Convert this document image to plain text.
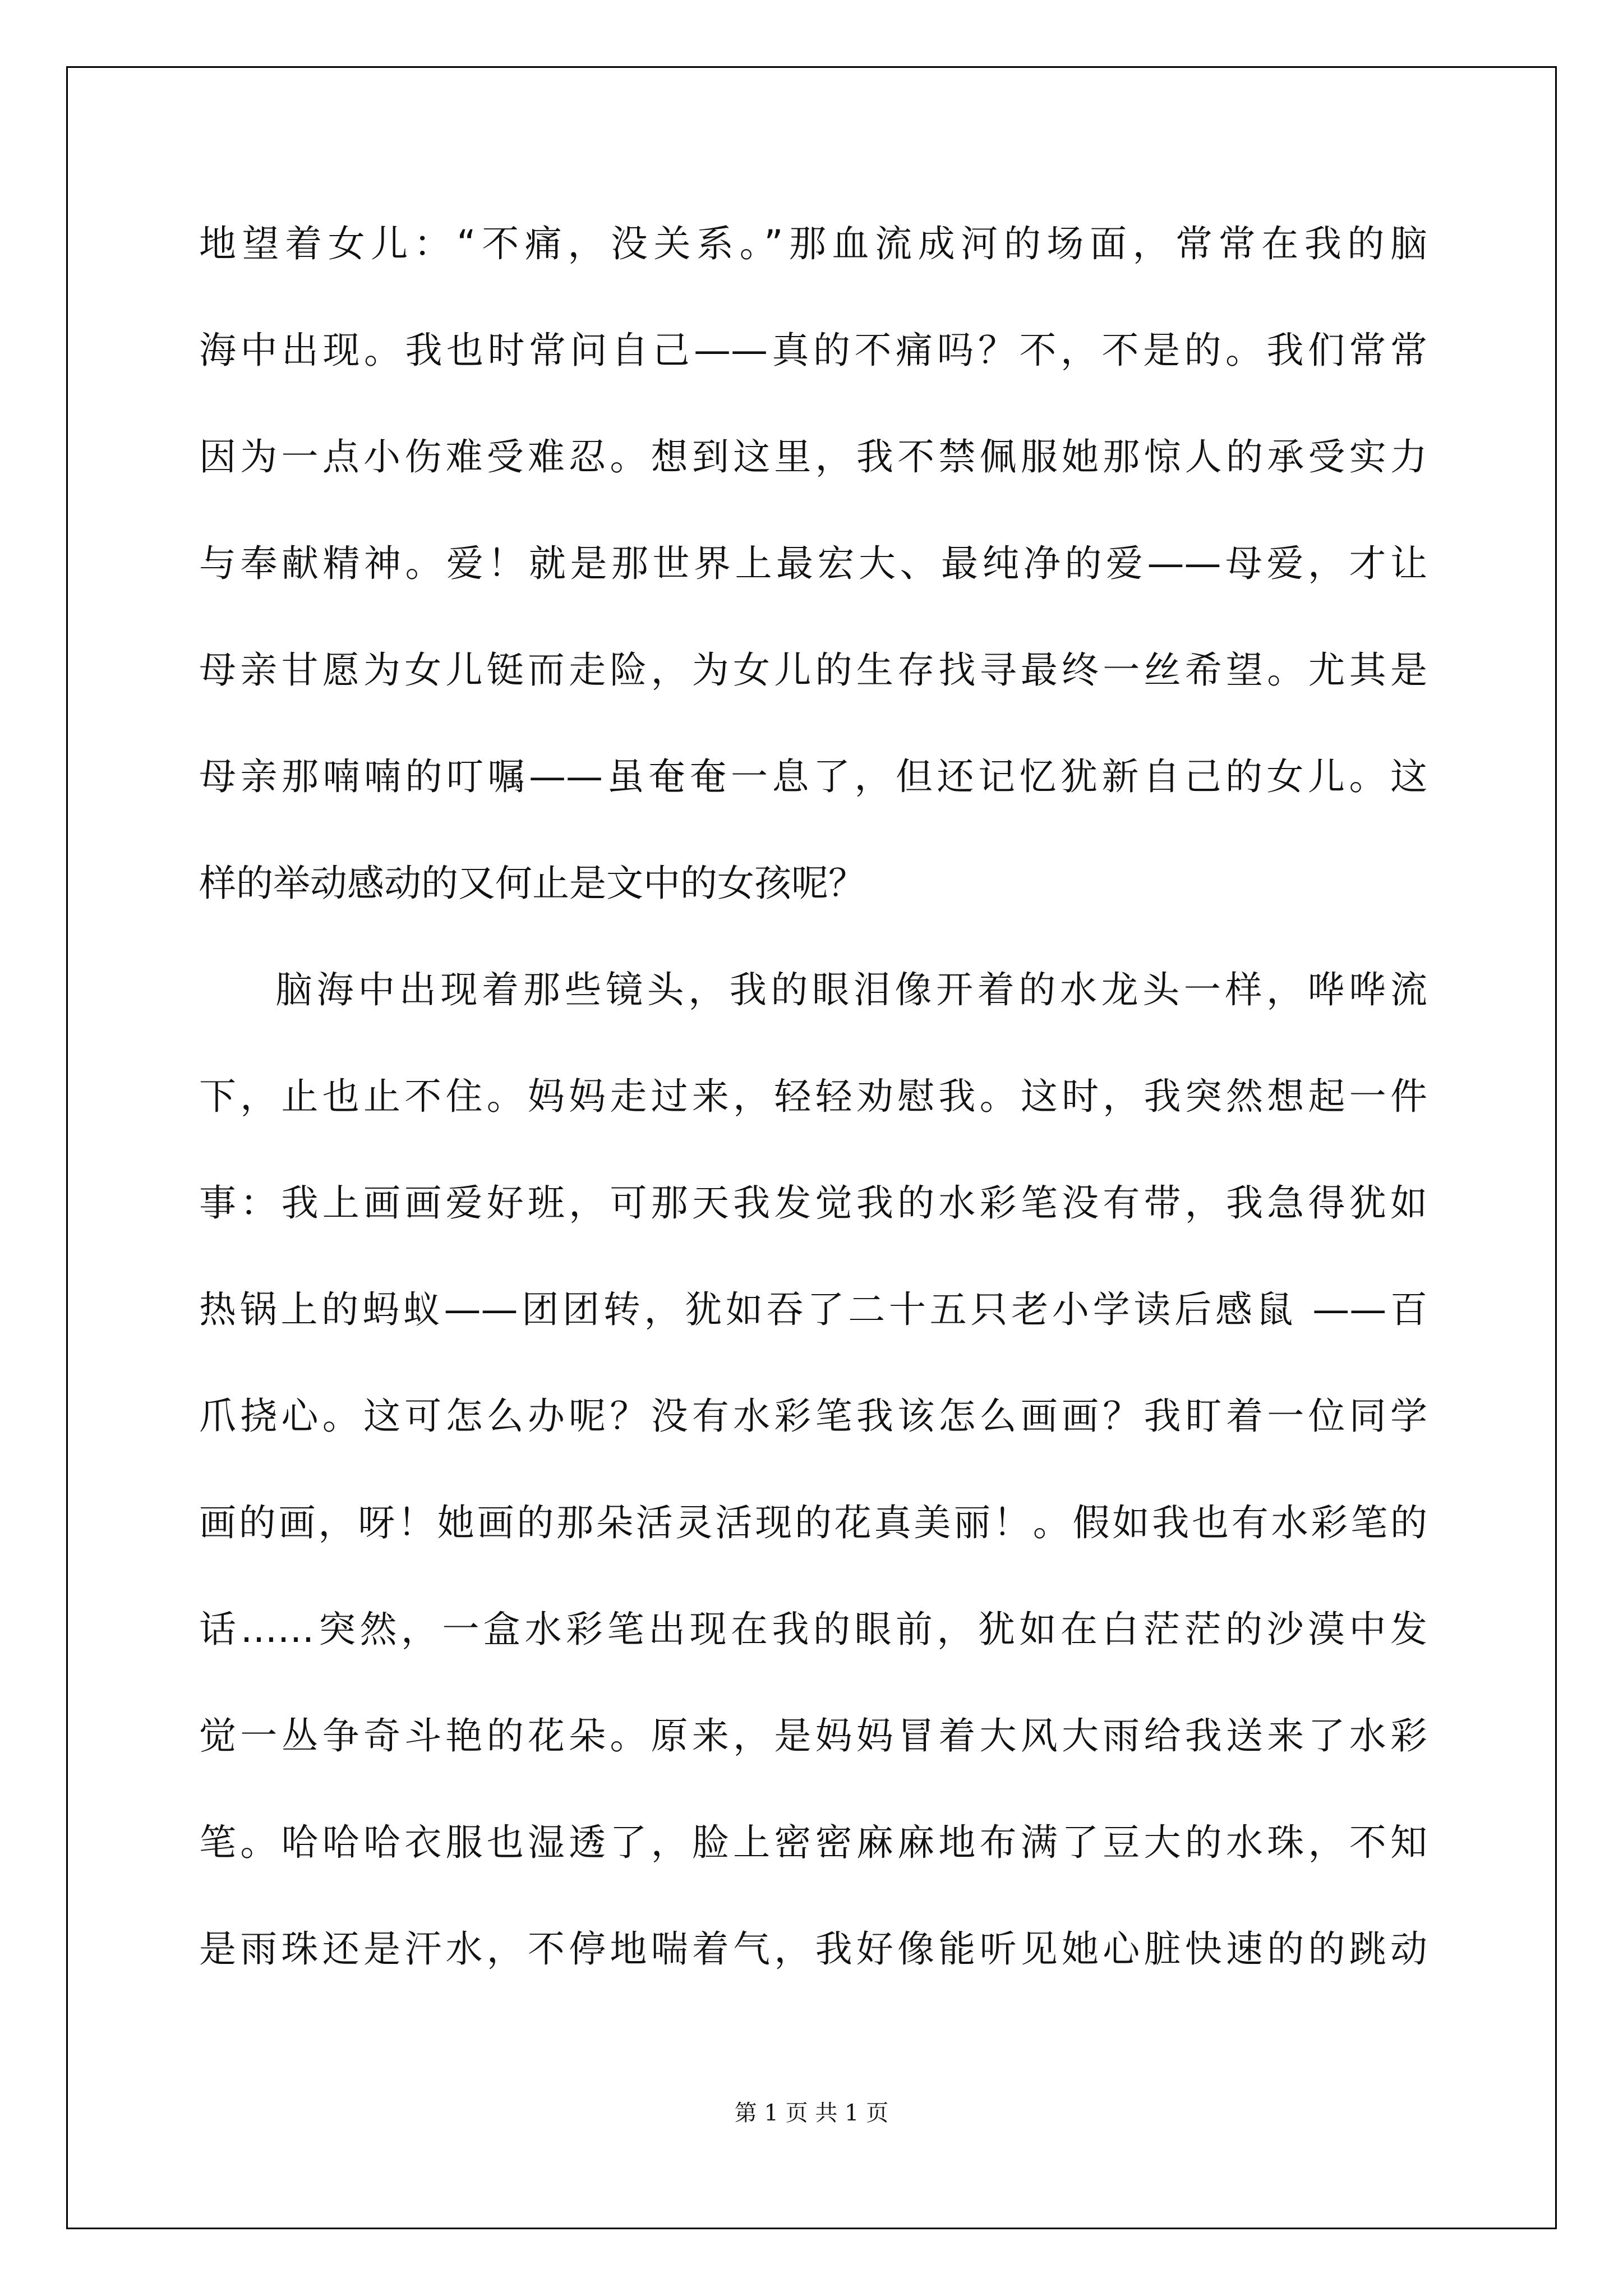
地望着女儿：“不痛，没关系。”那血流成河的场面，常常在我的脑
海中出现。我也时常问自己——真的不痛吗？不，不是的。我们常常
因为一点小伤难受难忍。想到这里，我不禁佩服她那惊人的承受实力
与奉献精神。爱！就是那世界上最宏大、最纯净的爱——母爱，才让
母亲甘愿为女儿铤而走险，为女儿的生存找寻最终一丝希望。尤其是
母亲那喃喃的叮嘱——虽奄奄一息了，但还记忆犹新自己的女儿。这
样的举动感动的又何止是文中的女孩呢？
脑海中出现着那些镜头，我的眼泪像开着的水龙头一样，哗哗流
下，止也止不住。妈妈走过来，轻轻劝慰我。这时，我突然想起一件
事：我上画画爱好班，可那天我发觉我的水彩笔没有带，我急得犹如
热锅上的蚂蚁——团团转，犹如吞了二十五只老小学读后感鼠 ——百
爪挠心。这可怎么办呢？没有水彩笔我该怎么画画？我盯着一位同学
画的画，呀！她画的那朵活灵活现的花真美丽！。假如我也有水彩笔的
话……突然，一盒水彩笔出现在我的眼前，犹如在白茫茫的沙漠中发
觉一丛争奇斗艳的花朵。原来，是妈妈冒着大风大雨给我送来了水彩
笔。哈哈哈衣服也湿透了，脸上密密麻麻地布满了豆大的水珠，不知
是雨珠还是汗水，不停地喘着气，我好像能听见她心脏快速的的跳动
第 1 页 共 1 页
